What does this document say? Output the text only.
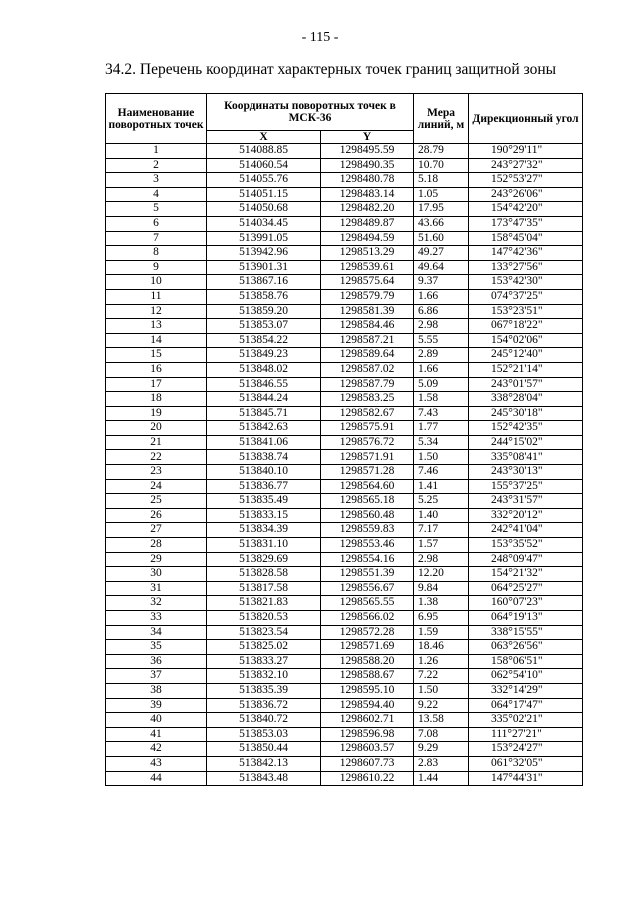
- 115 -
34.2. Перечень координат характерных точек границ защитной зоны
Наименование поворотных точек	Координаты поворотных точек в МСК-36		Мера линий, м	Дирекционный угол
	X	Y		
1	514088.85	1298495.59	28.79	190°29'11"
2	514060.54	1298490.35	10.70	243°27'32"
3	514055.76	1298480.78	5.18	152°53'27"
4	514051.15	1298483.14	1.05	243°26'06"
5	514050.68	1298482.20	17.95	154°42'20"
6	514034.45	1298489.87	43.66	173°47'35"
7	513991.05	1298494.59	51.60	158°45'04"
8	513942.96	1298513.29	49.27	147°42'36"
9	513901.31	1298539.61	49.64	133°27'56"
10	513867.16	1298575.64	9.37	153°42'30"
11	513858.76	1298579.79	1.66	074°37'25"
12	513859.20	1298581.39	6.86	153°23'51"
13	513853.07	1298584.46	2.98	067°18'22"
14	513854.22	1298587.21	5.55	154°02'06"
15	513849.23	1298589.64	2.89	245°12'40"
16	513848.02	1298587.02	1.66	152°21'14"
17	513846.55	1298587.79	5.09	243°01'57"
18	513844.24	1298583.25	1.58	338°28'04"
19	513845.71	1298582.67	7.43	245°30'18"
20	513842.63	1298575.91	1.77	152°42'35"
21	513841.06	1298576.72	5.34	244°15'02"
22	513838.74	1298571.91	1.50	335°08'41"
23	513840.10	1298571.28	7.46	243°30'13"
24	513836.77	1298564.60	1.41	155°37'25"
25	513835.49	1298565.18	5.25	243°31'57"
26	513833.15	1298560.48	1.40	332°20'12"
27	513834.39	1298559.83	7.17	242°41'04"
28	513831.10	1298553.46	1.57	153°35'52"
29	513829.69	1298554.16	2.98	248°09'47"
30	513828.58	1298551.39	12.20	154°21'32"
31	513817.58	1298556.67	9.84	064°25'27"
32	513821.83	1298565.55	1.38	160°07'23"
33	513820.53	1298566.02	6.95	064°19'13"
34	513823.54	1298572.28	1.59	338°15'55"
35	513825.02	1298571.69	18.46	063°26'56"
36	513833.27	1298588.20	1.26	158°06'51"
37	513832.10	1298588.67	7.22	062°54'10"
38	513835.39	1298595.10	1.50	332°14'29"
39	513836.72	1298594.40	9.22	064°17'47"
40	513840.72	1298602.71	13.58	335°02'21"
41	513853.03	1298596.98	7.08	111°27'21"
42	513850.44	1298603.57	9.29	153°24'27"
43	513842.13	1298607.73	2.83	061°32'05"
44	513843.48	1298610.22	1.44	147°44'31"
